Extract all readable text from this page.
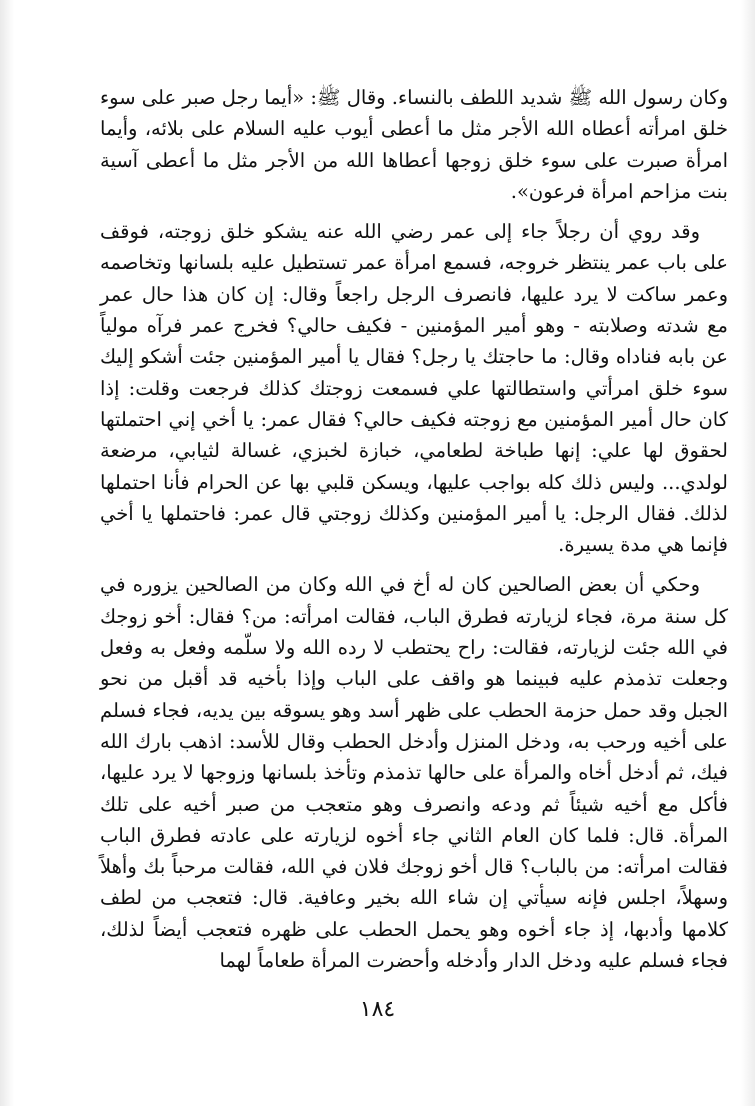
وكان رسول الله ﷺ شديد اللطف بالنساء. وقال ﷺ: «أيما رجل صبر على سوء خلق امرأته أعطاه الله الأجر مثل ما أعطى أيوب عليه السلام على بلائه، وأيما امرأة صبرت على سوء خلق زوجها أعطاها الله من الأجر مثل ما أعطى آسية بنت مزاحم امرأة فرعون».

وقد روي أن رجلاً جاء إلى عمر رضي الله عنه يشكو خلق زوجته، فوقف على باب عمر ينتظر خروجه، فسمع امرأة عمر تستطيل عليه بلسانها وتخاصمه وعمر ساكت لا يرد عليها، فانصرف الرجل راجعاً وقال: إن كان هذا حال عمر مع شدته وصلابته - وهو أمير المؤمنين - فكيف حالي؟ فخرج عمر فرآه مولياً عن بابه فناداه وقال: ما حاجتك يا رجل؟ فقال يا أمير المؤمنين جئت أشكو إليك سوء خلق امرأتي واستطالتها علي فسمعت زوجتك كذلك فرجعت وقلت: إذا كان حال أمير المؤمنين مع زوجته فكيف حالي؟ فقال عمر: يا أخي إني احتملتها لحقوق لها علي: إنها طباخة لطعامي، خبازة لخبزي، غسالة لثيابي، مرضعة لولدي... وليس ذلك كله بواجب عليها، ويسكن قلبي بها عن الحرام فأنا احتملها لذلك. فقال الرجل: يا أمير المؤمنين وكذلك زوجتي قال عمر: فاحتملها يا أخي فإنما هي مدة يسيرة.

وحكي أن بعض الصالحين كان له أخ في الله وكان من الصالحين يزوره في كل سنة مرة، فجاء لزيارته فطرق الباب، فقالت امرأته: من؟ فقال: أخو زوجك في الله جئت لزيارته، فقالت: راح يحتطب لا رده الله ولا سلّمه وفعل به وفعل وجعلت تذمذم عليه فبينما هو واقف على الباب وإذا بأخيه قد أقبل من نحو الجبل وقد حمل حزمة الحطب على ظهر أسد وهو يسوقه بين يديه، فجاء فسلم على أخيه ورحب به، ودخل المنزل وأدخل الحطب وقال للأسد: اذهب بارك الله فيك، ثم أدخل أخاه والمرأة على حالها تذمذم وتأخذ بلسانها وزوجها لا يرد عليها، فأكل مع أخيه شيئاً ثم ودعه وانصرف وهو متعجب من صبر أخيه على تلك المرأة. قال: فلما كان العام الثاني جاء أخوه لزيارته على عادته فطرق الباب فقالت امرأته: من بالباب؟ قال أخو زوجك فلان في الله، فقالت مرحباً بك وأهلاً وسهلاً، اجلس فإنه سيأتي إن شاء الله بخير وعافية. قال: فتعجب من لطف كلامها وأدبها، إذ جاء أخوه وهو يحمل الحطب على ظهره فتعجب أيضاً لذلك، فجاء فسلم عليه ودخل الدار وأدخله وأحضرت المرأة طعاماً لهما

١٨٤
